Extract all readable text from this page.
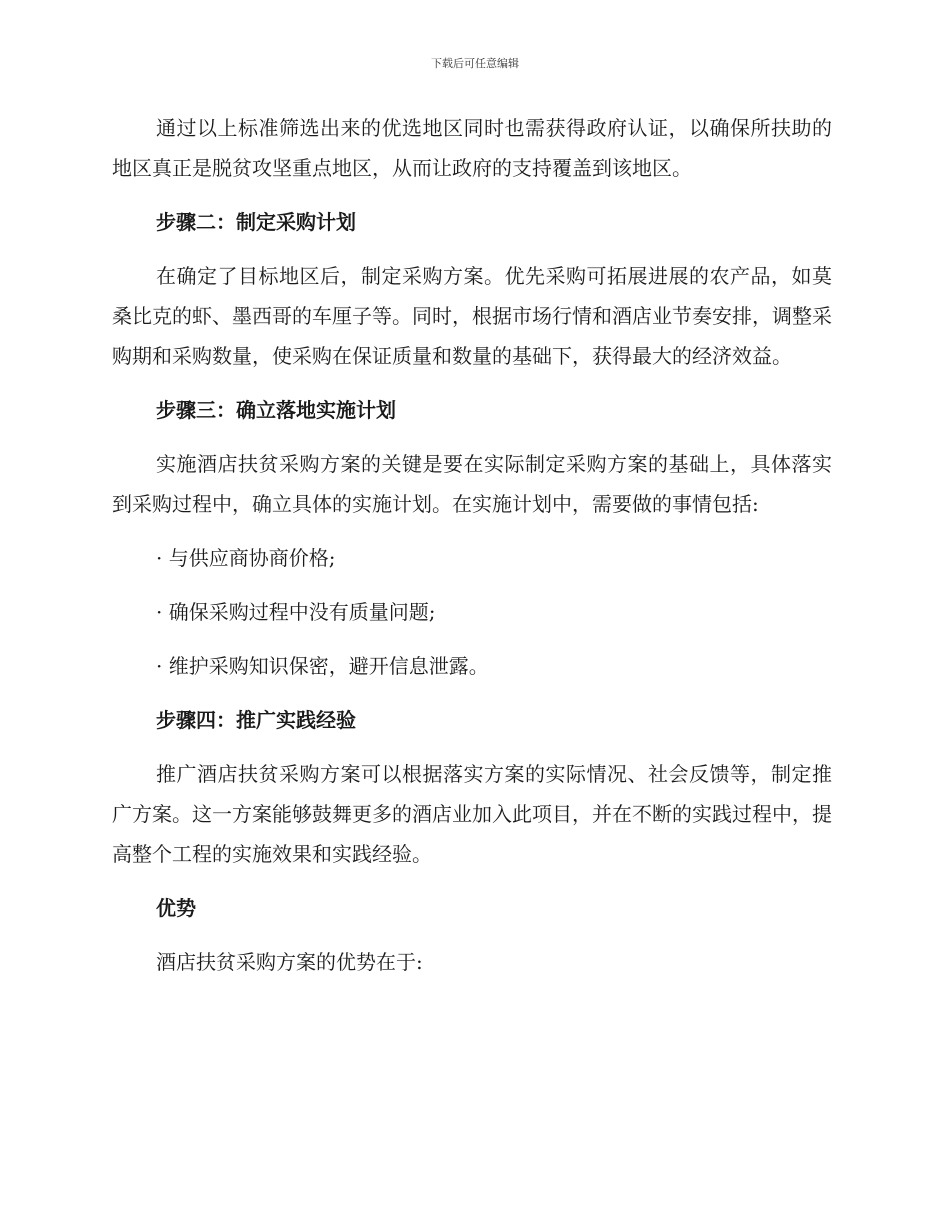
下载后可任意编辑

通过以上标准筛选出来的优选地区同时也需获得政府认证，以确保所扶助的地区真正是脱贫攻坚重点地区，从而让政府的支持覆盖到该地区。

步骤二：制定采购计划

在确定了目标地区后，制定采购方案。优先采购可拓展进展的农产品，如莫桑比克的虾、墨西哥的车厘子等。同时，根据市场行情和酒店业节奏安排，调整采购期和采购数量，使采购在保证质量和数量的基础下，获得最大的经济效益。

步骤三：确立落地实施计划

实施酒店扶贫采购方案的关键是要在实际制定采购方案的基础上，具体落实到采购过程中，确立具体的实施计划。在实施计划中，需要做的事情包括:

· 与供应商协商价格;

· 确保采购过程中没有质量问题;

· 维护采购知识保密，避开信息泄露。

步骤四：推广实践经验

推广酒店扶贫采购方案可以根据落实方案的实际情况、社会反馈等，制定推广方案。这一方案能够鼓舞更多的酒店业加入此项目，并在不断的实践过程中，提高整个工程的实施效果和实践经验。

优势

酒店扶贫采购方案的优势在于:
